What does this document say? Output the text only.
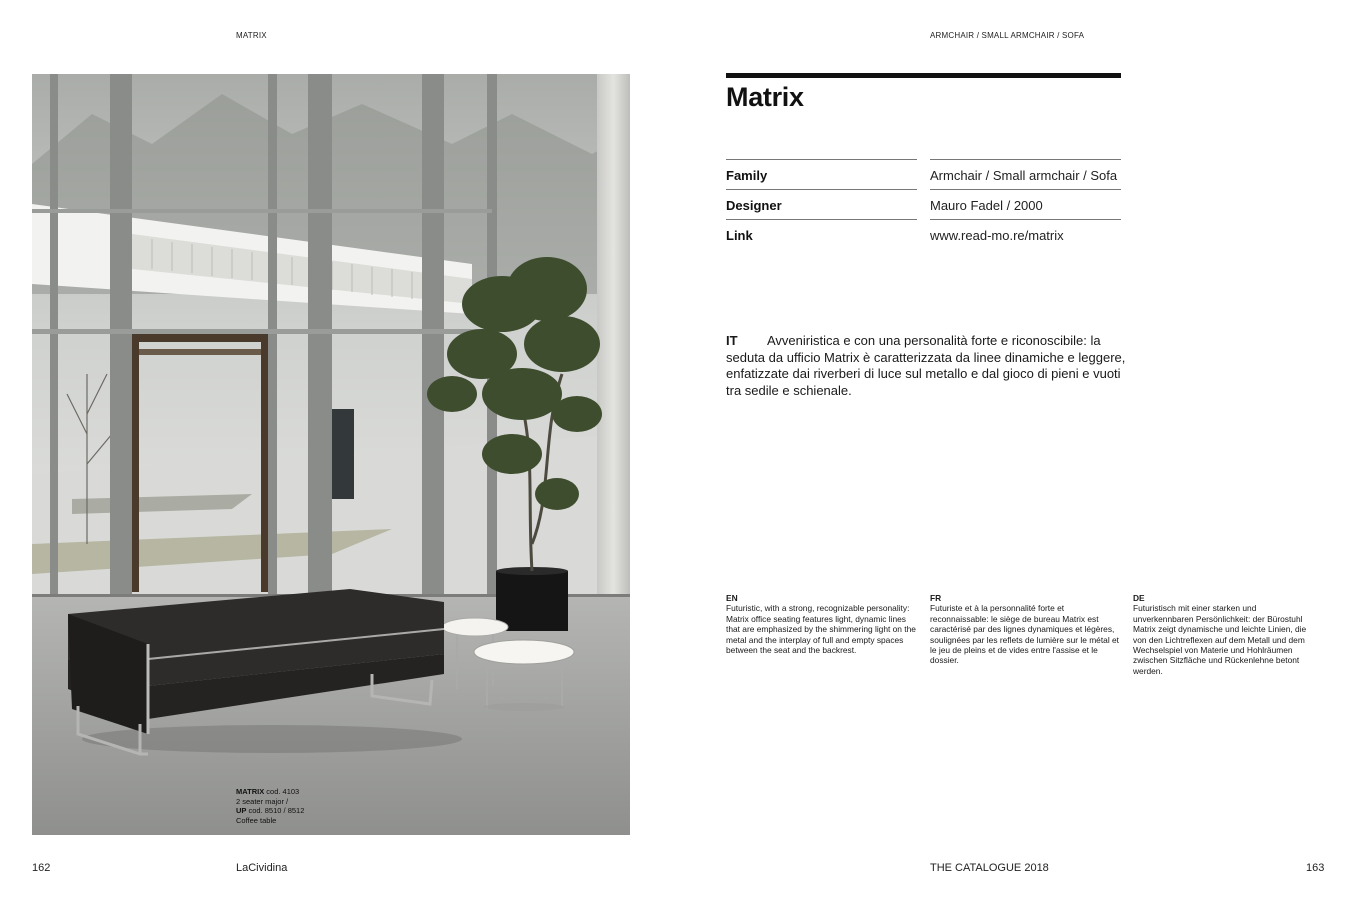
MATRIX	ARMCHAIR / SMALL ARMCHAIR / SOFA
MATRIX cod. 4103
2 seater major /
UP cod. 8510 / 8512
Coffee table
Matrix
Family	Armchair / Small armchair / Sofa
Designer	Mauro Fadel / 2000
Link	www.read-mo.re/matrix
IT Avveniristica e con una personalità forte e riconoscibile: la seduta da ufficio Matrix è caratterizzata da linee dinamiche e leggere, enfatizzate dai riverberi di luce sul metallo e dal gioco di pieni e vuoti tra sedile e schienale.
EN
Futuristic, with a strong, recognizable personality: Matrix office seating features light, dynamic lines that are emphasized by the shimmering light on the metal and the interplay of full and empty spaces between the seat and the backrest.
FR
Futuriste et à la personnalité forte et reconnaissable: le siège de bureau Matrix est caractérisé par des lignes dynamiques et légères, soulignées par les reflets de lumière sur le métal et le jeu de pleins et de vides entre l'assise et le dossier.
DE
Futuristisch mit einer starken und unverkennbaren Persönlichkeit: der Bürostuhl Matrix zeigt dynamische und leichte Linien, die von den Lichtreflexen auf dem Metall und dem Wechselspiel von Materie und Hohlräumen zwischen Sitzfläche und Rückenlehne betont werden.
162	LaCividina	THE CATALOGUE 2018	163
